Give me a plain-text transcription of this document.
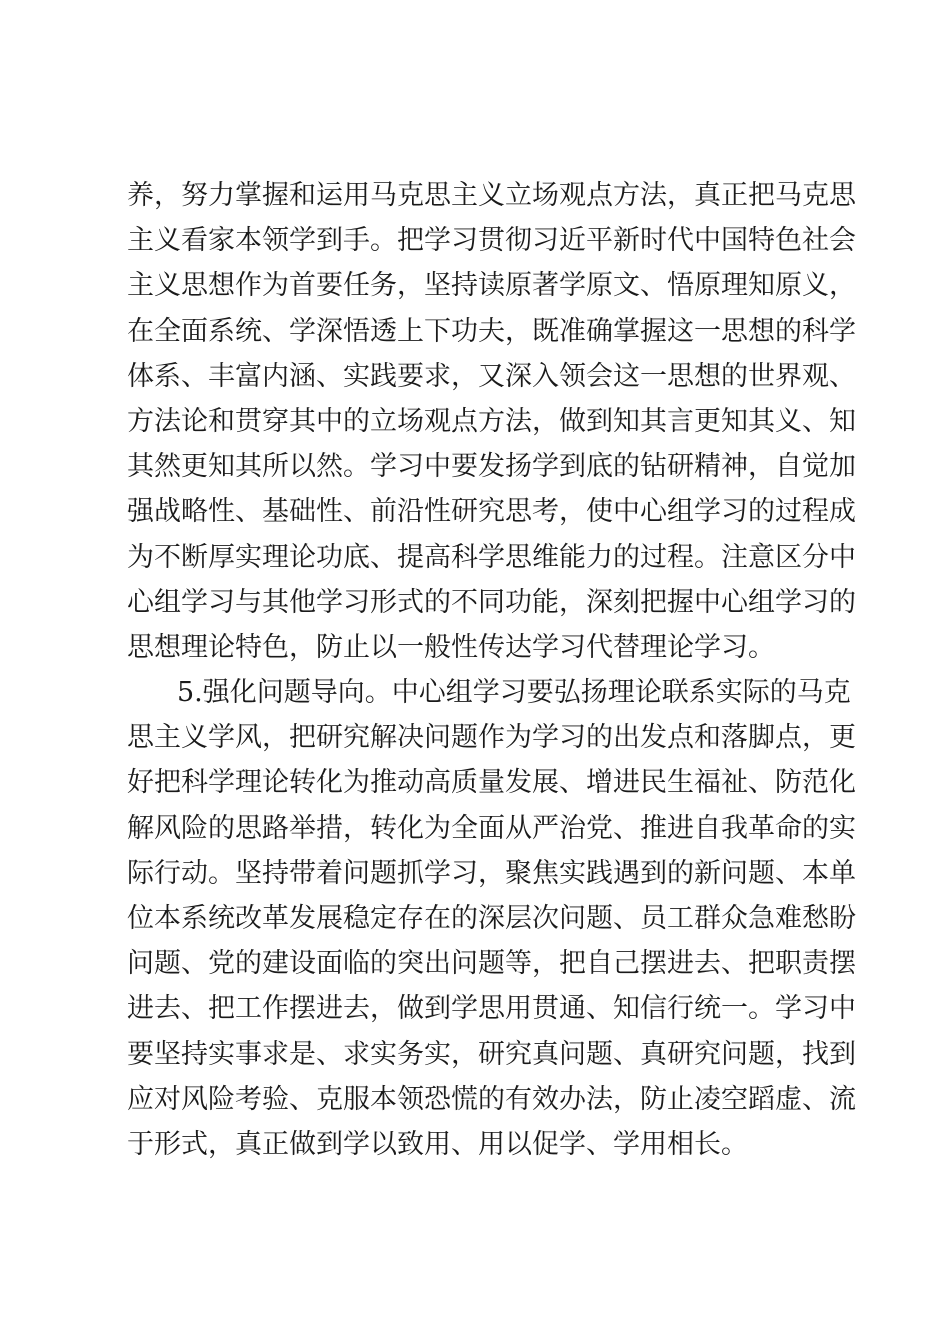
养，努力掌握和运用马克思主义立场观点方法，真正把马克思
主义看家本领学到手。把学习贯彻习近平新时代中国特色社会
主义思想作为首要任务，坚持读原著学原文、悟原理知原义，
在全面系统、学深悟透上下功夫，既准确掌握这一思想的科学
体系、丰富内涵、实践要求，又深入领会这一思想的世界观、
方法论和贯穿其中的立场观点方法，做到知其言更知其义、知
其然更知其所以然。学习中要发扬学到底的钻研精神，自觉加
强战略性、基础性、前沿性研究思考，使中心组学习的过程成
为不断厚实理论功底、提高科学思维能力的过程。注意区分中
心组学习与其他学习形式的不同功能，深刻把握中心组学习的
思想理论特色，防止以一般性传达学习代替理论学习。
5.强化问题导向。中心组学习要弘扬理论联系实际的马克
思主义学风，把研究解决问题作为学习的出发点和落脚点，更
好把科学理论转化为推动高质量发展、增进民生福祉、防范化
解风险的思路举措，转化为全面从严治党、推进自我革命的实
际行动。坚持带着问题抓学习，聚焦实践遇到的新问题、本单
位本系统改革发展稳定存在的深层次问题、员工群众急难愁盼
问题、党的建设面临的突出问题等，把自己摆进去、把职责摆
进去、把工作摆进去，做到学思用贯通、知信行统一。学习中
要坚持实事求是、求实务实，研究真问题、真研究问题，找到
应对风险考验、克服本领恐慌的有效办法，防止凌空蹈虚、流
于形式，真正做到学以致用、用以促学、学用相长。
